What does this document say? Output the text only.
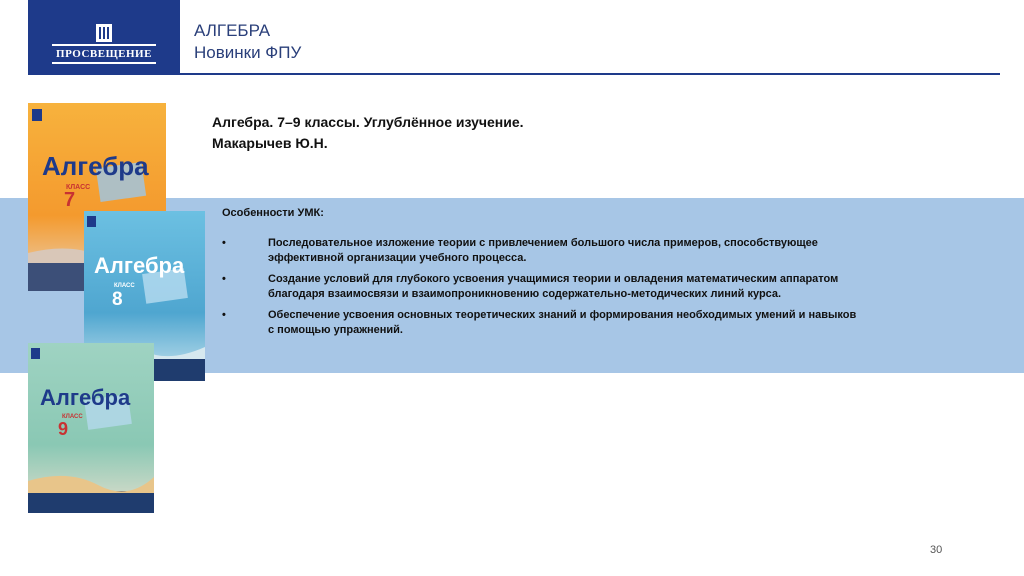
ПРОСВЕЩЕНИЕ
АЛГЕБРА
Новинки ФПУ
Алгебра. 7–9 классы. Углублённое изучение.
Макарычев Ю.Н.
Особенности УМК:
•	Последовательное изложение теории с привлечением большого числа примеров, способствующее эффективной организации учебного процесса.
•	Создание условий для глубокого усвоения учащимися теории и овладения математическим аппаратом благодаря взаимосвязи и взаимопроникновению содержательно-методических линий курса.
•	Обеспечение усвоения основных теоретических знаний и формирования необходимых умений и навыков с помощью упражнений.
Алгебра
КЛАСС
7
Алгебра
КЛАСС
8
Алгебра
КЛАСС
9
30
